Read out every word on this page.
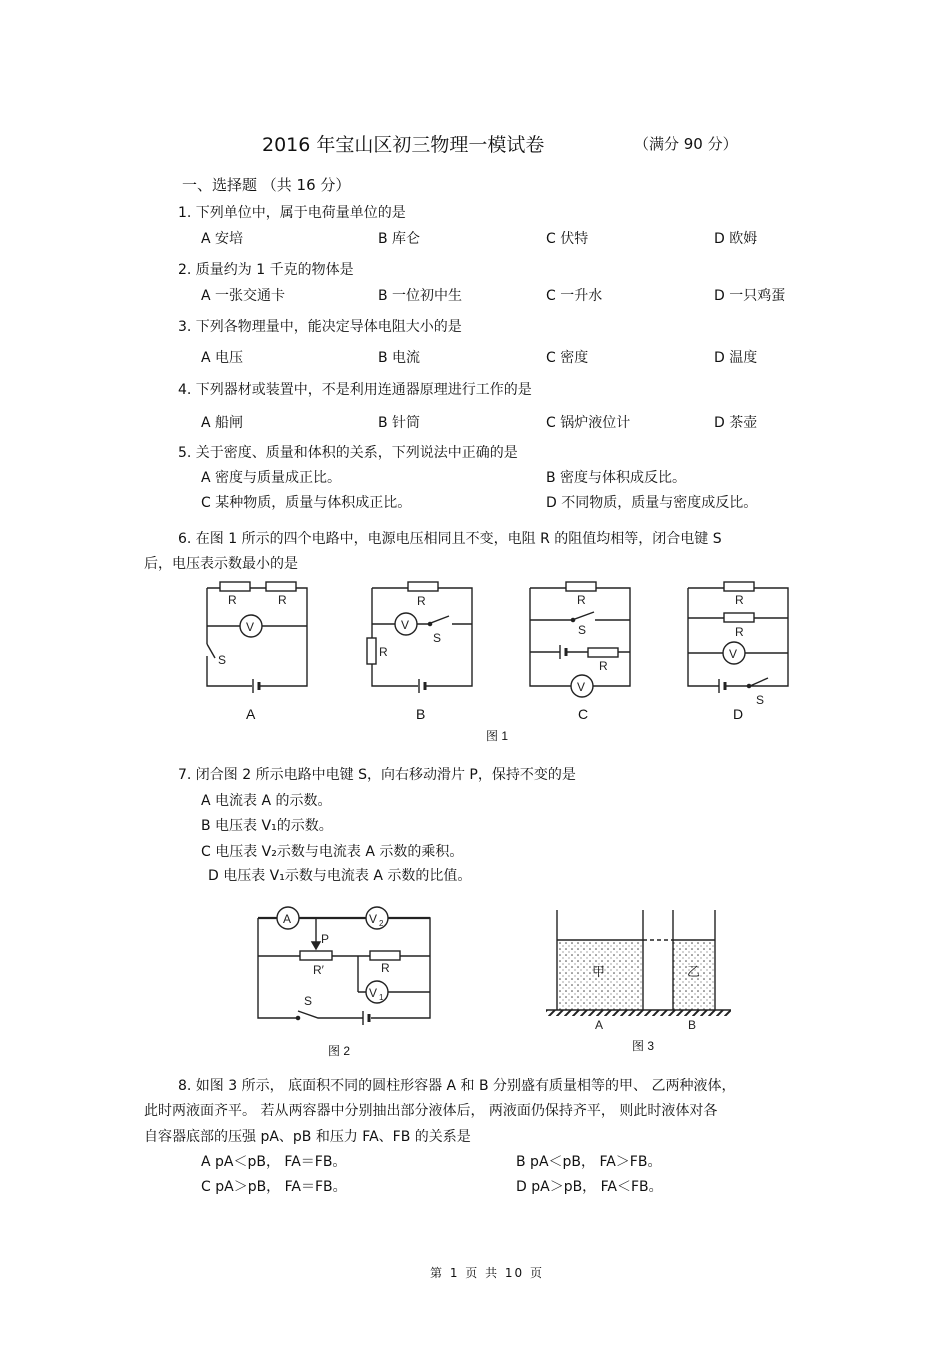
2016 年宝山区初三物理一模试卷	（满分 90 分）
一、选择题 （共 16 分）
1. 下列单位中，属于电荷量单位的是
A 安培	B 库仑	C 伏特	D 欧姆
2. 质量约为 1 千克的物体是
A 一张交通卡	B 一位初中生	C 一升水	D 一只鸡蛋
3. 下列各物理量中，能决定导体电阻大小的是
A 电压	B 电流	C 密度	D 温度
4. 下列器材或装置中，不是利用连通器原理进行工作的是
A 船闸	B 针筒	C 锅炉液位计	D 茶壶
5. 关于密度、质量和体积的关系，下列说法中正确的是
A 密度与质量成正比。	B 密度与体积成反比。
C 某种物质，质量与体积成正比。	D 不同物质，质量与密度成反比。
6. 在图 1 所示的四个电路中，电源电压相同且不变，电阻 R 的阻值均相等，闭合电键 S
后，电压表示数最小的是
R	R
V
S
R
V
S
R
R
S
R
V
R
R
V
S
A	B	C	D
图 1
7. 闭合图 2 所示电路中电键 S，向右移动滑片 P，保持不变的是
A 电流表 A 的示数。
B 电压表 V₁的示数。
C 电压表 V₂示数与电流表 A 示数的乘积。
D 电压表 V₁示数与电流表 A 示数的比值。
A	V 2
P
R′	R
V 1
S
图 2
甲	乙
A	B
图 3
8. 如图 3 所示， 底面积不同的圆柱形容器 A 和 B 分别盛有质量相等的甲、 乙两种液体，
此时两液面齐平。 若从两容器中分别抽出部分液体后， 两液面仍保持齐平， 则此时液体对各
自容器底部的压强 pA、pB 和压力 FA、FB 的关系是
A pA＜pB， FA＝FB。	B pA＜pB， FA＞FB。
C pA＞pB， FA＝FB。	D pA＞pB， FA＜FB。
第 1 页 共 10 页
